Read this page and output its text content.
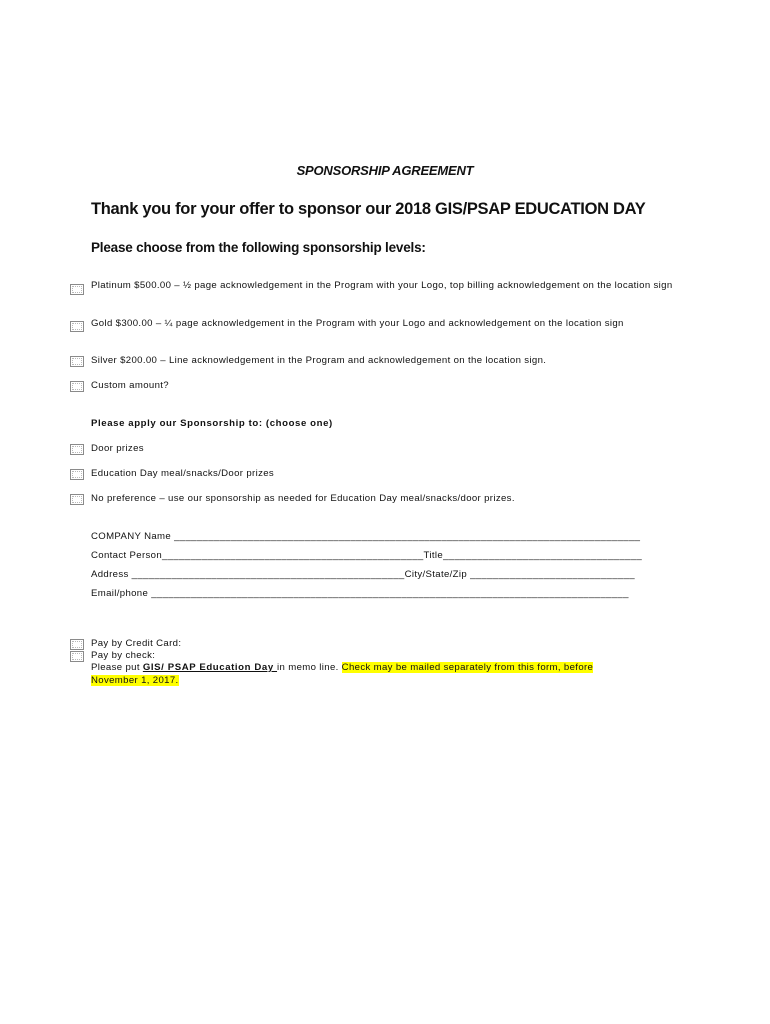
SPONSORSHIP AGREEMENT
Thank you for your offer to sponsor our 2018 GIS/PSAP EDUCATION DAY
Please choose from the following sponsorship levels:
Platinum $500.00 – ½ page acknowledgement in the Program with your Logo, top billing acknowledgement on the location sign
Gold $300.00 – ¼ page acknowledgement in the Program with your Logo and acknowledgement on the location sign
Silver $200.00 – Line acknowledgement in the Program and acknowledgement on the location sign.
Custom amount?
Please apply our Sponsorship to: (choose one)
Door prizes
Education Day meal/snacks/Door prizes
No preference – use our sponsorship as needed for Education Day meal/snacks/door prizes.
COMPANY Name __________________________________________________________________________________
Contact Person______________________________________________Title___________________________________
Address ________________________________________________City/State/Zip _____________________________
Email/phone ____________________________________________________________________________________
Pay by Credit Card:
Pay by check:
Please put GIS/ PSAP Education Day in memo line. Check may be mailed separately from this form, before
November 1, 2017.
